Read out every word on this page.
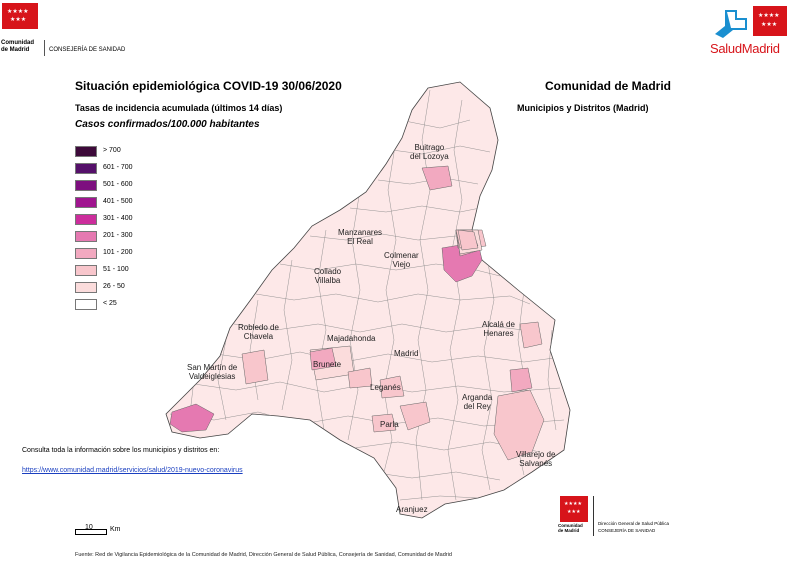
★★★★
★★★
Comunidad
de Madrid	CONSEJERÍA DE SANIDAD
★★★★
★★★
SaludMadrid
Situación epidemiológica COVID-19 30/06/2020
Tasas de incidencia acumulada (últimos 14 días)
Casos confirmados/100.000 habitantes
Comunidad de Madrid
Municipios y Distritos (Madrid)
> 700
601 - 700
501 - 600
401 - 500
301 - 400
201 - 300
101 - 200
51 - 100
26 - 50
< 25
Buitrago
del Lozoya
Manzanares
El Real
Colmenar
Viejo
Collado
Villalba
Robledo de
Chavela	Majadahonda
Alcalá de
Henares
Madrid
San Martín de
Valdeiglesias
Brunete
Leganés
Arganda
del Rey
Parla
Villarejo de
Salvanés
Aranjuez
Consulta toda la información sobre los municipios y distritos en:
https://www.comunidad.madrid/servicios/salud/2019-nuevo-coronavirus
10 Km
★★★★
★★★
Comunidad
de Madrid
Dirección General de Salud Pública
CONSEJERÍA DE SANIDAD
Fuente: Red de Vigilancia Epidemiológica de la Comunidad de Madrid, Dirección General de Salud Pública, Consejería de Sanidad, Comunidad de Madrid
